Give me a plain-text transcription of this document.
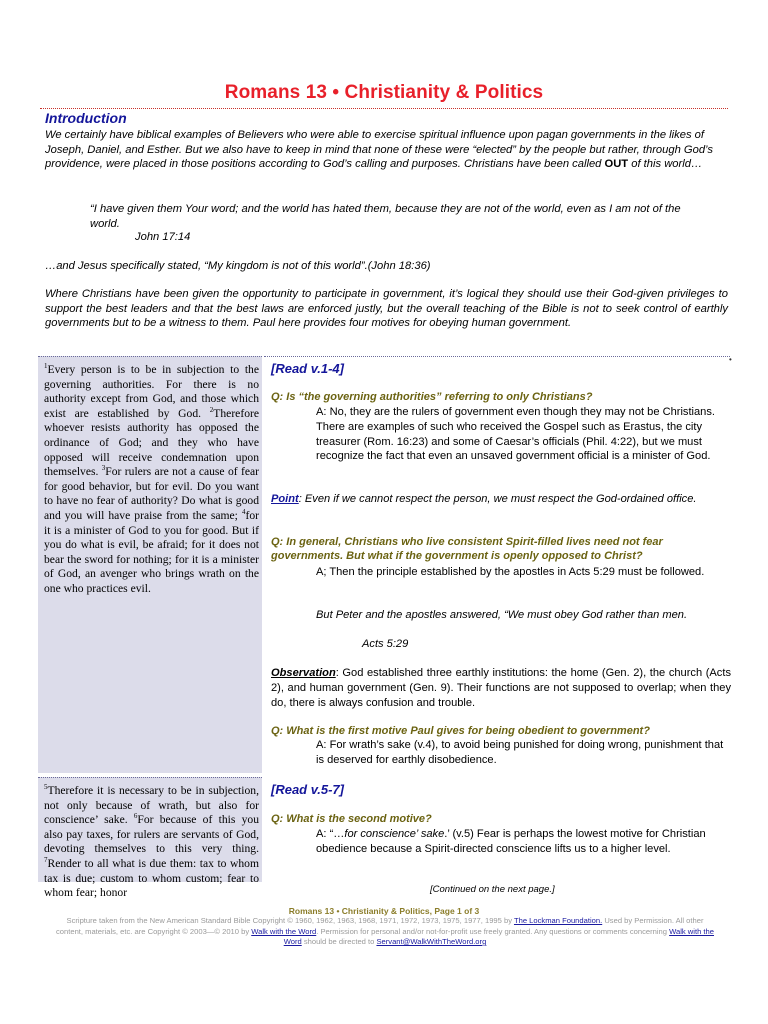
Romans 13 • Christianity & Politics
Introduction
We certainly have biblical examples of Believers who were able to exercise spiritual influence upon pagan governments in the likes of Joseph, Daniel, and Esther. But we also have to keep in mind that none of these were “elected” by the people but rather, through God’s providence, were placed in those positions according to God’s calling and purposes. Christians have been called OUT of this world…
“I have given them Your word; and the world has hated them, because they are not of the world, even as I am not of the world.
John 17:14
…and Jesus specifically stated, “My kingdom is not of this world”.(John 18:36)
Where Christians have been given the opportunity to participate in government, it’s logical they should use their God-given privileges to support the best leaders and that the best laws are enforced justly, but the overall teaching of the Bible is not to seek control of earthly governments but to be a witness to them. Paul here provides four motives for obeying human government.
$^1$Every person is to be in subjection to the governing authorities. For there is no authority except from God, and those which exist are established by God. $^2$Therefore whoever resists authority has opposed the ordinance of God; and they who have opposed will receive condemnation upon themselves. $^3$For rulers are not a cause of fear for good behavior, but for evil. Do you want to have no fear of authority? Do what is good and you will have praise from the same; $^4$for it is a minister of God to you for good. But if you do what is evil, be afraid; for it does not bear the sword for nothing; for it is a minister of God, an avenger who brings wrath on the one who practices evil.
$^5$Therefore it is necessary to be in subjection, not only because of wrath, but also for conscience’ sake. $^6$For because of this you also pay taxes, for rulers are servants of God, devoting themselves to this very thing. $^7$Render to all what is due them: tax to whom tax is due; custom to whom custom; fear to whom fear; honor
•
[Read v.1-4]
Q: Is “the governing authorities” referring to only Christians?
A: No, they are the rulers of government even though they may not be Christians. There are examples of such who received the Gospel such as Erastus, the city treasurer (Rom. 16:23) and some of Caesar’s officials (Phil. 4:22), but we must recognize the fact that even an unsaved government official is a minister of God.
Point: Even if we cannot respect the person, we must respect the God-ordained office.
Q: In general, Christians who live consistent Spirit-filled lives need not fear governments. But what if the government is openly opposed to Christ?
A; Then the principle established by the apostles in Acts 5:29 must be followed.
But Peter and the apostles answered, “We must obey God rather than men.
Acts 5:29
Observation: God established three earthly institutions: the home (Gen. 2), the church (Acts 2), and human government (Gen. 9). Their functions are not supposed to overlap; when they do, there is always confusion and trouble.
Q: What is the first motive Paul gives for being obedient to government?
A: For wrath’s sake (v.4), to avoid being punished for doing wrong, punishment that is deserved for earthly disobedience.
[Read v.5-7]
Q: What is the second motive?
A: “…for conscience’ sake.’ (v.5) Fear is perhaps the lowest motive for Christian obedience because a Spirit-directed conscience lifts us to a higher level.
[Continued on the next page.]
Romans 13 • Christianity & Politics, Page 1 of 3
Scripture taken from the New American Standard Bible Copyright © 1960, 1962, 1963, 1968, 1971, 1972, 1973, 1975, 1977, 1995 by The Lockman Foundation. Used by Permission. All other content, materials, etc. are Copyright © 2003—© 2010 by Walk with the Word. Permission for personal and/or not-for-profit use freely granted. Any questions or comments concerning Walk with the Word should be directed to Servant@WalkWithTheWord.org
